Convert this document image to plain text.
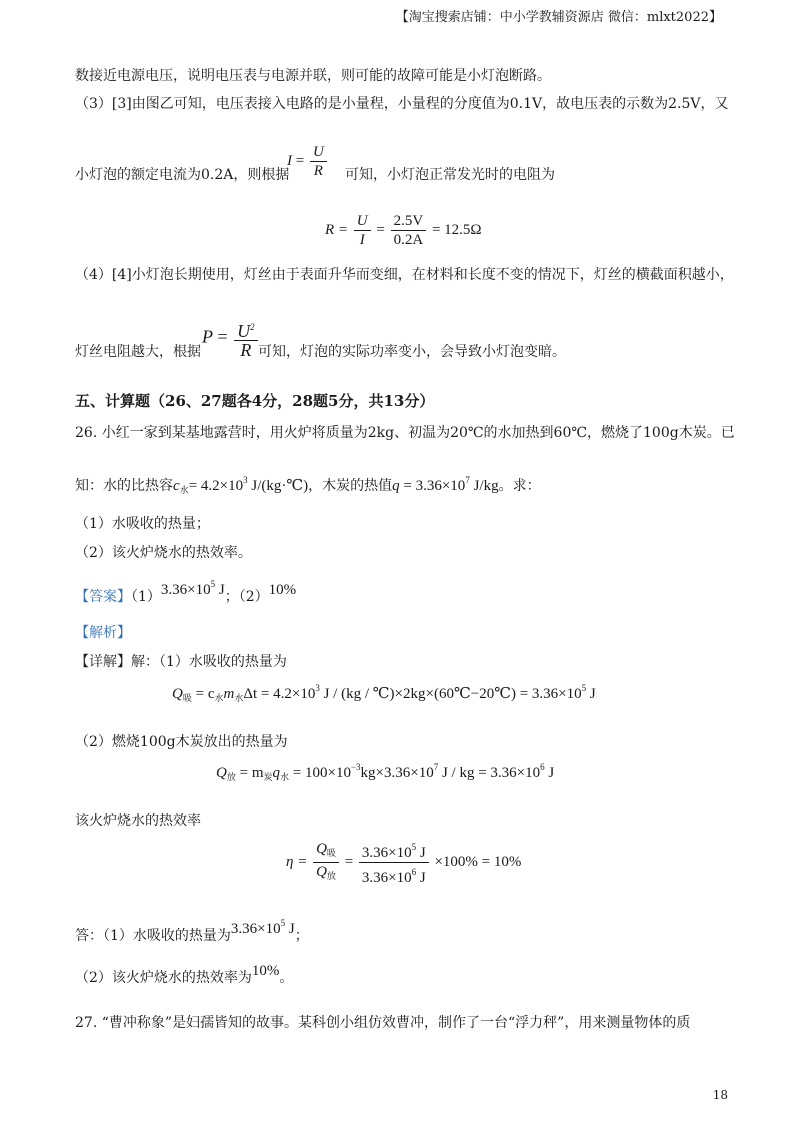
【淘宝搜索店铺：中小学教辅资源店 微信：mlxt2022】
数接近电源电压，说明电压表与电源并联，则可能的故障可能是小灯泡断路。
（3）[3]由图乙可知，电压表接入电路的是小量程，小量程的分度值为0.1V，故电压表的示数为2.5V，又
小灯泡的额定电流为0.2A，则根据
$I = \frac{U}{R}$ 可知，小灯泡正常发光时的电阻为
$R = \frac{U}{I} = \frac{2.5V}{0.2A} = 12.5\Omega$
（4）[4]小灯泡长期使用，灯丝由于表面升华而变细，在材料和长度不变的情况下，灯丝的横截面积越小，
灯丝电阻越大，根据
$P = \frac{U^2}{R}$ 可知，灯泡的实际功率变小，会导致小灯泡变暗。
五、计算题（26、27题各4分，28题5分，共13分）
26. 小红一家到某基地露营时，用火炉将质量为2kg、初温为20℃的水加热到60℃，燃烧了100g木炭。已
知：水的比热容$c_水= 4.2\times 10^3$ J/(kg·℃)，木炭的热值$q = 3.36\times 10^7$ J/kg。求：
（1）水吸收的热量；
（2）该火炉烧水的热效率。
【答案】$(1)3.36\times 10^5$ J；（2）10%
【解析】
【详解】解：（1）水吸收的热量为
$Q_吸 = c_水m_水\Delta t = 4.2\times 10^3$ J / (kg / ℃)×2kg×(60℃−20℃) = $3.36\times 10^5$ J
（2）燃烧100g木炭放出的热量为
$Q_放 = m_炭q_水 = 100\times 10^{-3}kg\times 3.36\times 10^7$ J / kg = $3.36\times 10^6$ J
该火炉烧水的热效率
$\eta = \frac{Q_吸}{Q_放} = \frac{3.36\times 10^5 J}{3.36\times 10^6 J} \times 100\% = 10\%$
答：（1）水吸收的热量为$3.36\times 10^5$ J；
（2）该火炉烧水的热效率为10%。
27. “曹冲称象”是妇孺皆知的故事。某科创小组仿效曹冲，制作了一台“浮力秤”，用来测量物体的质
18
